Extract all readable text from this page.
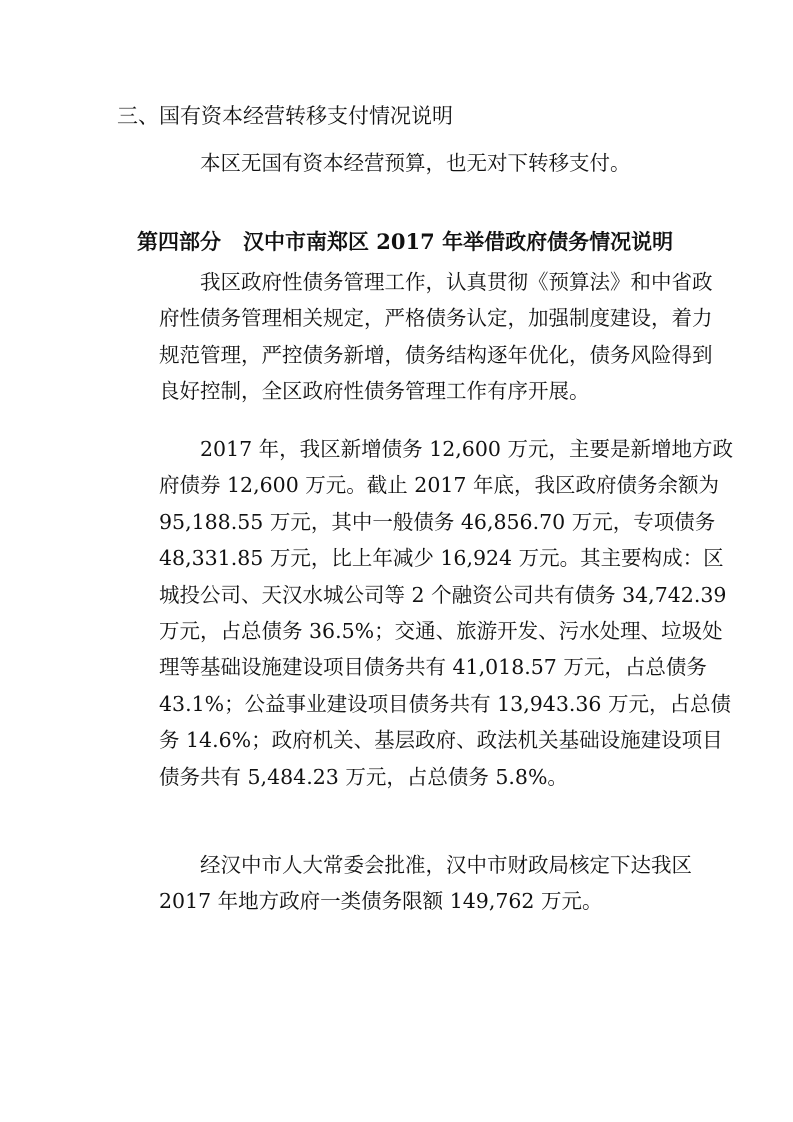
三、国有资本经营转移支付情况说明
本区无国有资本经营预算，也无对下转移支付。
第四部分 汉中市南郑区 2017 年举借政府债务情况说明
我区政府性债务管理工作，认真贯彻《预算法》和中省政
府性债务管理相关规定，严格债务认定，加强制度建设，着力
规范管理，严控债务新增，债务结构逐年优化，债务风险得到
良好控制，全区政府性债务管理工作有序开展。
2017 年，我区新增债务 12,600 万元，主要是新增地方政
府债券 12,600 万元。截止 2017 年底，我区政府债务余额为
95,188.55 万元，其中一般债务 46,856.70 万元，专项债务
48,331.85 万元，比上年减少 16,924 万元。其主要构成：区
城投公司、天汉水城公司等 2 个融资公司共有债务 34,742.39
万元，占总债务 36.5%；交通、旅游开发、污水处理、垃圾处
理等基础设施建设项目债务共有 41,018.57 万元，占总债务
43.1%；公益事业建设项目债务共有 13,943.36 万元，占总债
务 14.6%；政府机关、基层政府、政法机关基础设施建设项目
债务共有 5,484.23 万元，占总债务 5.8%。
经汉中市人大常委会批准，汉中市财政局核定下达我区
2017 年地方政府一类债务限额 149,762 万元。
